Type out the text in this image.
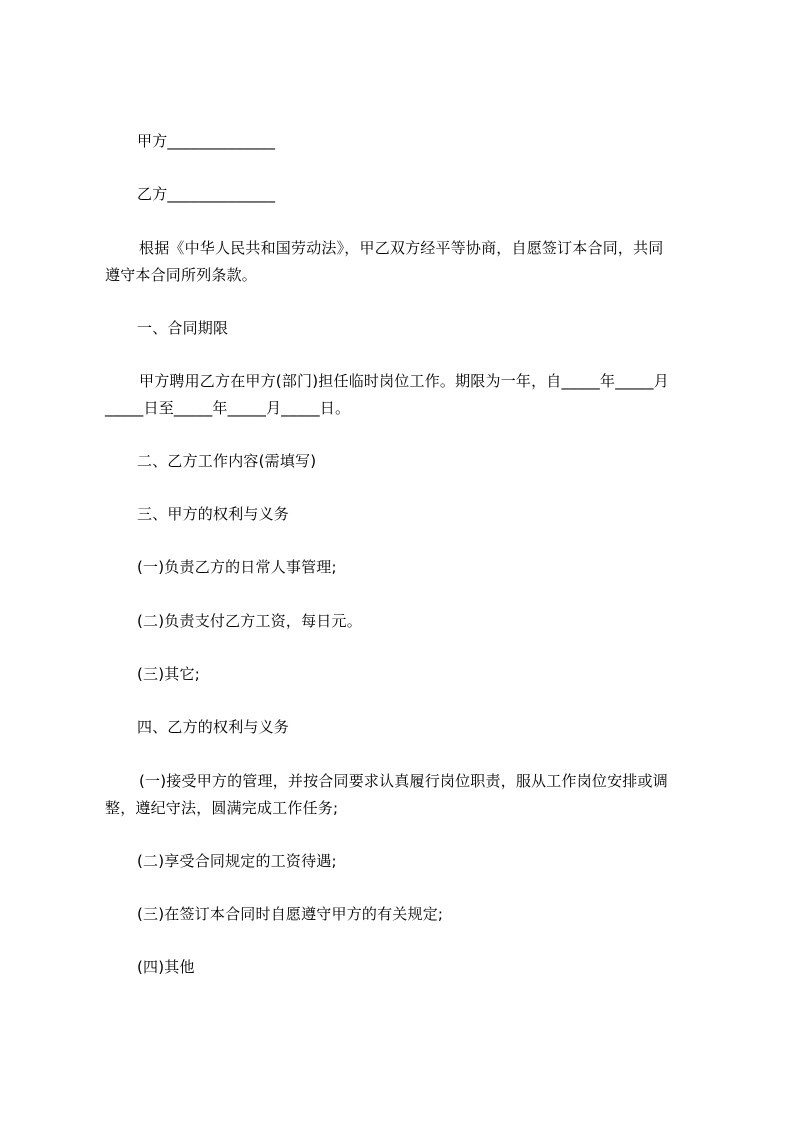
甲方______________
乙方______________
根据《中华人民共和国劳动法》，甲乙双方经平等协商，自愿签订本合同，共同
遵守本合同所列条款。
一、合同期限
甲方聘用乙方在甲方(部门)担任临时岗位工作。期限为一年，自_____年_____月
_____日至_____年_____月_____日。
二、乙方工作内容(需填写)
三、甲方的权利与义务
(一)负责乙方的日常人事管理;
(二)负责支付乙方工资，每日元。
(三)其它;
四、乙方的权利与义务
(一)接受甲方的管理，并按合同要求认真履行岗位职责，服从工作岗位安排或调
整，遵纪守法，圆满完成工作任务;
(二)享受合同规定的工资待遇;
(三)在签订本合同时自愿遵守甲方的有关规定;
(四)其他
